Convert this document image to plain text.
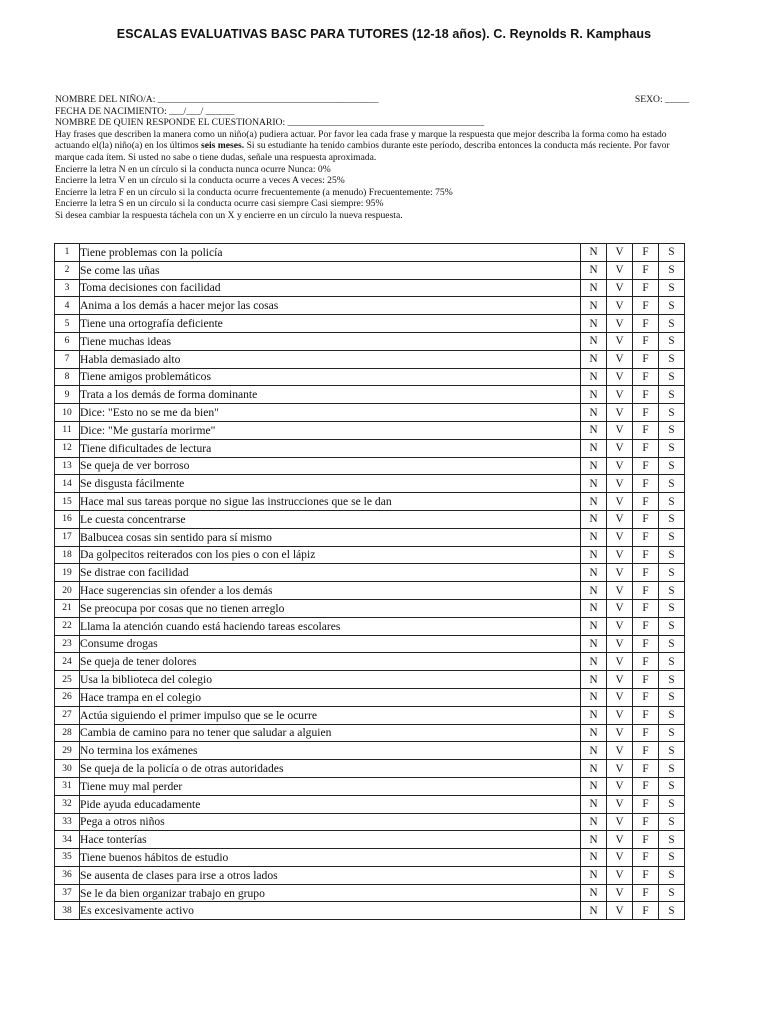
ESCALAS EVALUATIVAS BASC PARA TUTORES (12-18 años). C. Reynolds R. Kamphaus
NOMBRE DEL NIÑO/A: ______________________________________________	SEXO: _____
FECHA DE NACIMIENTO: ___/___/ ______
NOMBRE DE QUIEN RESPONDE EL CUESTIONARIO: _________________________________________
Hay frases que describen la manera como un niño(a) pudiera actuar. Por favor lea cada frase y marque la respuesta que mejor describa la forma como ha estado actuando el(la) niño(a) en los últimos seis meses. Si su estudiante ha tenido cambios durante este período, describa entonces la conducta más reciente. Por favor marque cada ítem. Si usted no sabe o tiene dudas, señale una respuesta aproximada.
Encierre la letra N en un círculo si la conducta nunca ocurre Nunca: 0%
Encierre la letra V en un círculo si la conducta ocurre a veces A veces: 25%
Encierre la letra F en un círculo si la conducta ocurre frecuentemente (a menudo) Frecuentemente: 75%
Encierre la letra S en un círculo si la conducta ocurre casi siempre Casi siempre: 95%
Si desea cambiar la respuesta táchela con un X y encierre en un círculo la nueva respuesta.
1	Tiene problemas con la policía	N	V	F	S
2	Se come las uñas	N	V	F	S
3	Toma decisiones con facilidad	N	V	F	S
4	Anima a los demás a hacer mejor las cosas	N	V	F	S
5	Tiene una ortografía deficiente	N	V	F	S
6	Tiene muchas ideas	N	V	F	S
7	Habla demasiado alto	N	V	F	S
8	Tiene amigos problemáticos	N	V	F	S
9	Trata a los demás de forma dominante	N	V	F	S
10	Dice: "Esto no se me da bien"	N	V	F	S
11	Dice: "Me gustaría morirme"	N	V	F	S
12	Tiene dificultades de lectura	N	V	F	S
13	Se queja de ver borroso	N	V	F	S
14	Se disgusta fácilmente	N	V	F	S
15	Hace mal sus tareas porque no sigue las instrucciones que se le dan	N	V	F	S
16	Le cuesta concentrarse	N	V	F	S
17	Balbucea cosas sin sentido para sí mismo	N	V	F	S
18	Da golpecitos reiterados con los pies o con el lápiz	N	V	F	S
19	Se distrae con facilidad	N	V	F	S
20	Hace sugerencias sin ofender a los demás	N	V	F	S
21	Se preocupa por cosas que no tienen arreglo	N	V	F	S
22	Llama la atención cuando está haciendo tareas escolares	N	V	F	S
23	Consume drogas	N	V	F	S
24	Se queja de tener dolores	N	V	F	S
25	Usa la biblioteca del colegio	N	V	F	S
26	Hace trampa en el colegio	N	V	F	S
27	Actúa siguiendo el primer impulso que se le ocurre	N	V	F	S
28	Cambia de camino para no tener que saludar a alguien	N	V	F	S
29	No termina los exámenes	N	V	F	S
30	Se queja de la policía o de otras autoridades	N	V	F	S
31	Tiene muy mal perder	N	V	F	S
32	Pide ayuda educadamente	N	V	F	S
33	Pega a otros niños	N	V	F	S
34	Hace tonterías	N	V	F	S
35	Tiene buenos hábitos de estudio	N	V	F	S
36	Se ausenta de clases para irse a otros lados	N	V	F	S
37	Se le da bien organizar trabajo en grupo	N	V	F	S
38	Es excesivamente activo	N	V	F	S
